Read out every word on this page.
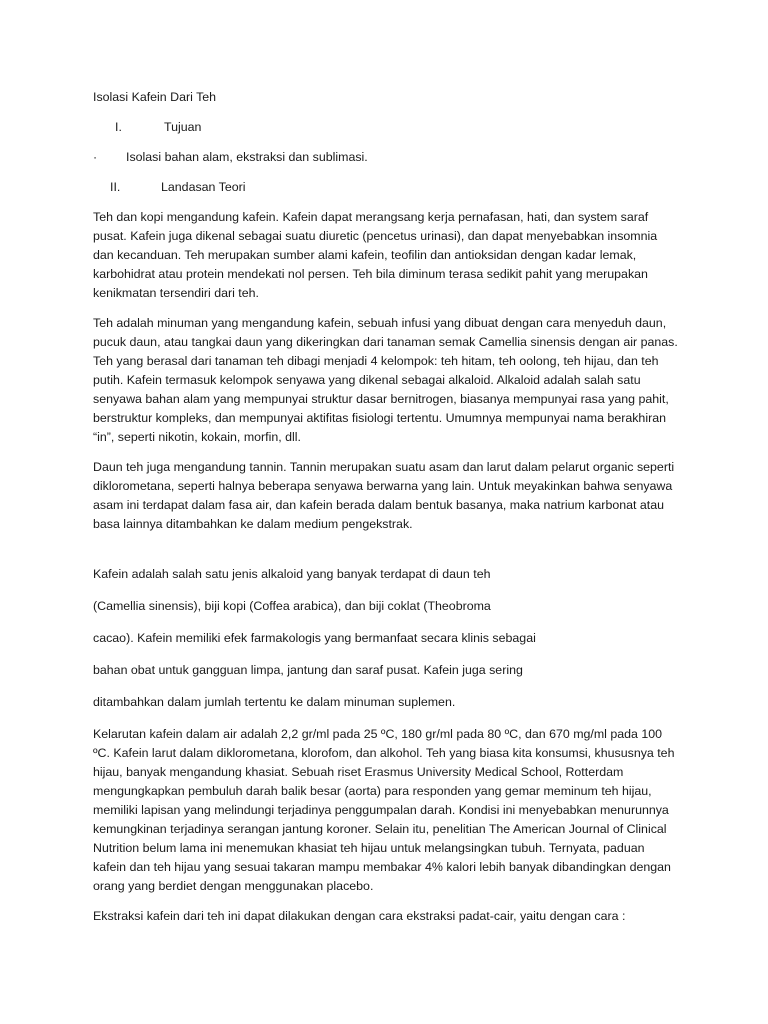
Isolasi Kafein Dari Teh

I.	Tujuan

·	Isolasi bahan alam, ekstraksi dan sublimasi.

II.	Landasan Teori

Teh dan kopi mengandung kafein. Kafein dapat merangsang kerja pernafasan, hati, dan system saraf pusat. Kafein juga dikenal sebagai suatu diuretic (pencetus urinasi), dan dapat menyebabkan insomnia dan kecanduan. Teh merupakan sumber alami kafein, teofilin dan antioksidan dengan kadar lemak, karbohidrat atau protein mendekati nol persen. Teh bila diminum terasa sedikit pahit yang merupakan kenikmatan tersendiri dari teh.

Teh adalah minuman yang mengandung kafein, sebuah infusi yang dibuat dengan cara menyeduh daun, pucuk daun, atau tangkai daun yang dikeringkan dari tanaman semak Camellia sinensis dengan air panas. Teh yang berasal dari tanaman teh dibagi menjadi 4 kelompok: teh hitam, teh oolong, teh hijau, dan teh putih. Kafein termasuk kelompok senyawa yang dikenal sebagai alkaloid. Alkaloid adalah salah satu senyawa bahan alam yang mempunyai struktur dasar bernitrogen, biasanya mempunyai rasa yang pahit, berstruktur kompleks, dan mempunyai aktifitas fisiologi tertentu. Umumnya mempunyai nama berakhiran “in”, seperti nikotin, kokain, morfin, dll.

Daun teh juga mengandung tannin. Tannin merupakan suatu asam dan larut dalam pelarut organic seperti diklorometana, seperti halnya beberapa senyawa berwarna yang lain. Untuk meyakinkan bahwa senyawa asam ini terdapat dalam fasa air, dan kafein berada dalam bentuk basanya, maka natrium karbonat atau basa lainnya ditambahkan ke dalam medium pengekstrak.

Kafein adalah salah satu jenis alkaloid yang banyak terdapat di daun teh

(Camellia sinensis), biji kopi (Coffea arabica), dan biji coklat (Theobroma

cacao). Kafein memiliki efek farmakologis yang bermanfaat secara klinis sebagai

bahan obat untuk gangguan limpa, jantung dan saraf pusat. Kafein juga sering

ditambahkan dalam jumlah tertentu ke dalam minuman suplemen.

Kelarutan kafein dalam air adalah 2,2 gr/ml pada 25 ºC, 180 gr/ml pada 80 ºC, dan 670 mg/ml pada 100 ºC. Kafein larut dalam diklorometana, klorofom, dan alkohol. Teh yang biasa kita konsumsi, khususnya teh hijau, banyak mengandung khasiat. Sebuah riset Erasmus University Medical School, Rotterdam mengungkapkan pembuluh darah balik besar (aorta) para responden yang gemar meminum teh hijau, memiliki lapisan yang melindungi terjadinya penggumpalan darah. Kondisi ini menyebabkan menurunnya kemungkinan terjadinya serangan jantung koroner. Selain itu, penelitian The American Journal of Clinical Nutrition belum lama ini menemukan khasiat teh hijau untuk melangsingkan tubuh. Ternyata, paduan kafein dan teh hijau yang sesuai takaran mampu membakar 4% kalori lebih banyak dibandingkan dengan orang yang berdiet dengan menggunakan placebo.

Ekstraksi kafein dari teh ini dapat dilakukan dengan cara ekstraksi padat-cair, yaitu dengan cara :
